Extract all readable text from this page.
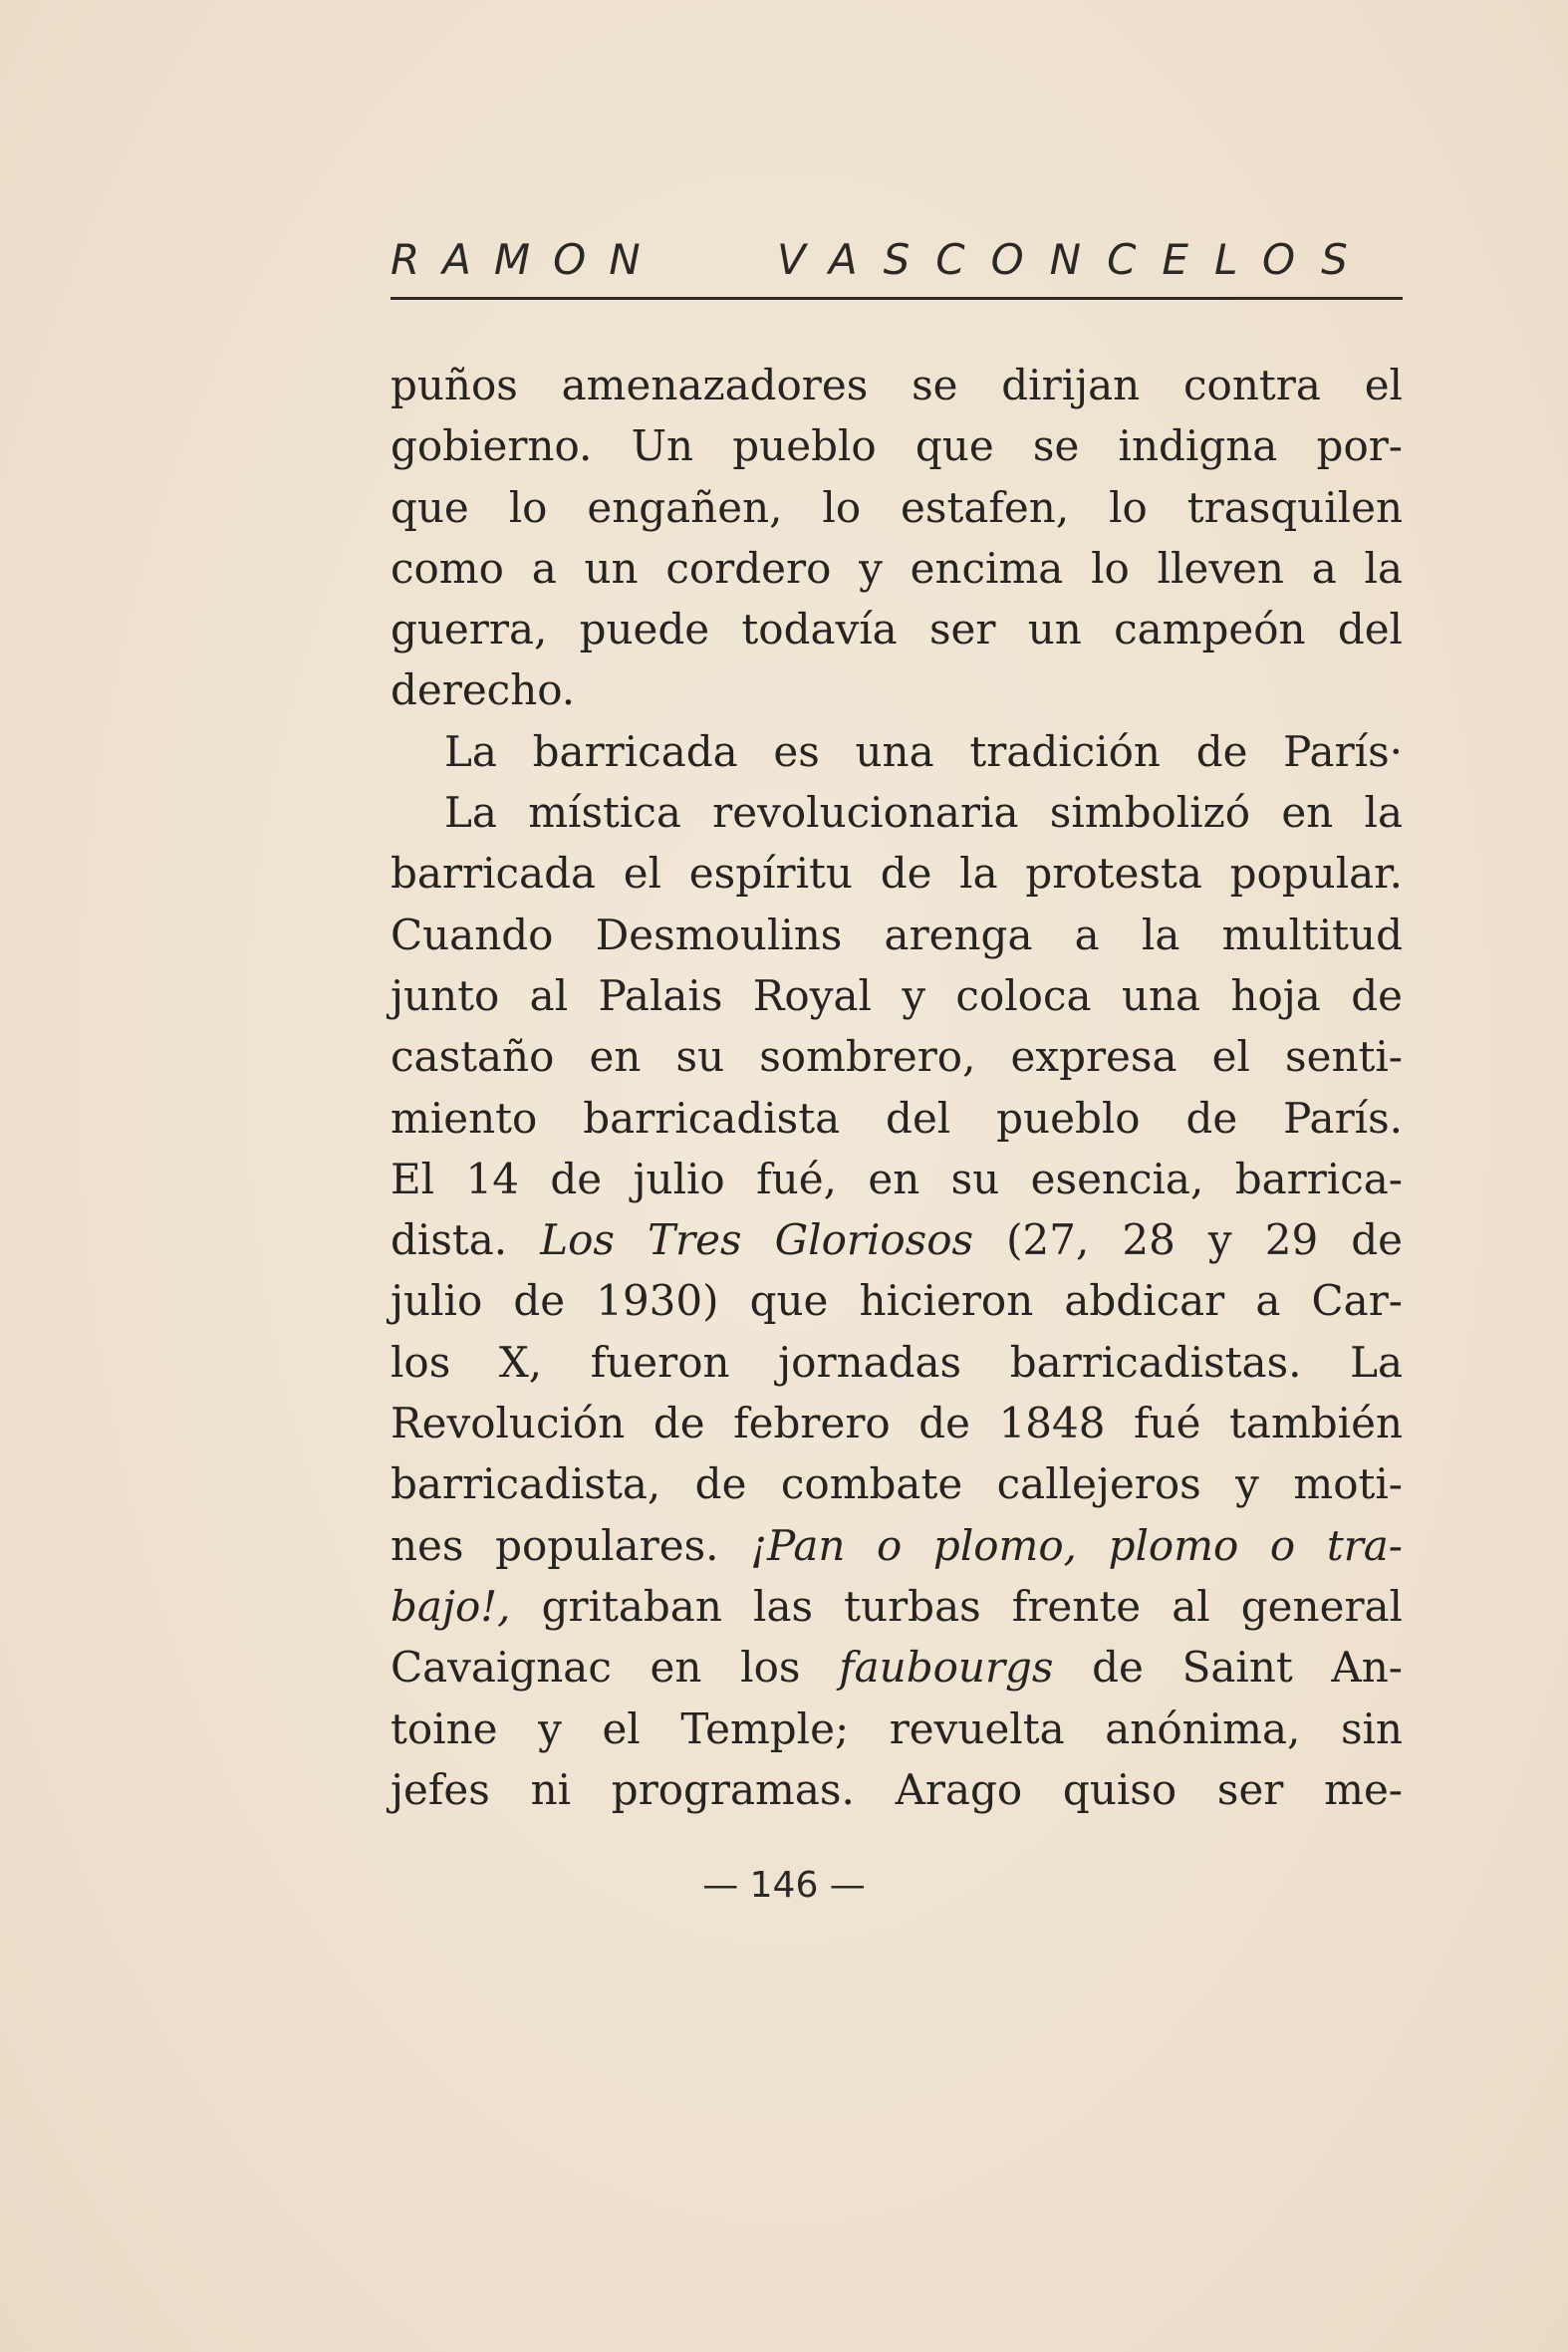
RAMON	VASCONCELOS
puños amenazadores se dirijan contra el
gobierno. Un pueblo que se indigna por-
que lo engañen, lo estafen, lo trasquilen
como a un cordero y encima lo lleven a la
guerra, puede todavía ser un campeón del
derecho.
La barricada es una tradición de París·
La mística revolucionaria simbolizó en la
barricada el espíritu de la protesta popular.
Cuando Desmoulins arenga a la multitud
junto al Palais Royal y coloca una hoja de
castaño en su sombrero, expresa el senti-
miento barricadista del pueblo de París.
El 14 de julio fué, en su esencia, barrica-
dista. Los Tres Gloriosos (27, 28 y 29 de
julio de 1930) que hicieron abdicar a Car-
los X, fueron jornadas barricadistas. La
Revolución de febrero de 1848 fué también
barricadista, de combate callejeros y moti-
nes populares. ¡Pan o plomo, plomo o tra-
bajo!, gritaban las turbas frente al general
Cavaignac en los faubourgs de Saint An-
toine y el Temple; revuelta anónima, sin
jefes ni programas. Arago quiso ser me-
— 146 —
